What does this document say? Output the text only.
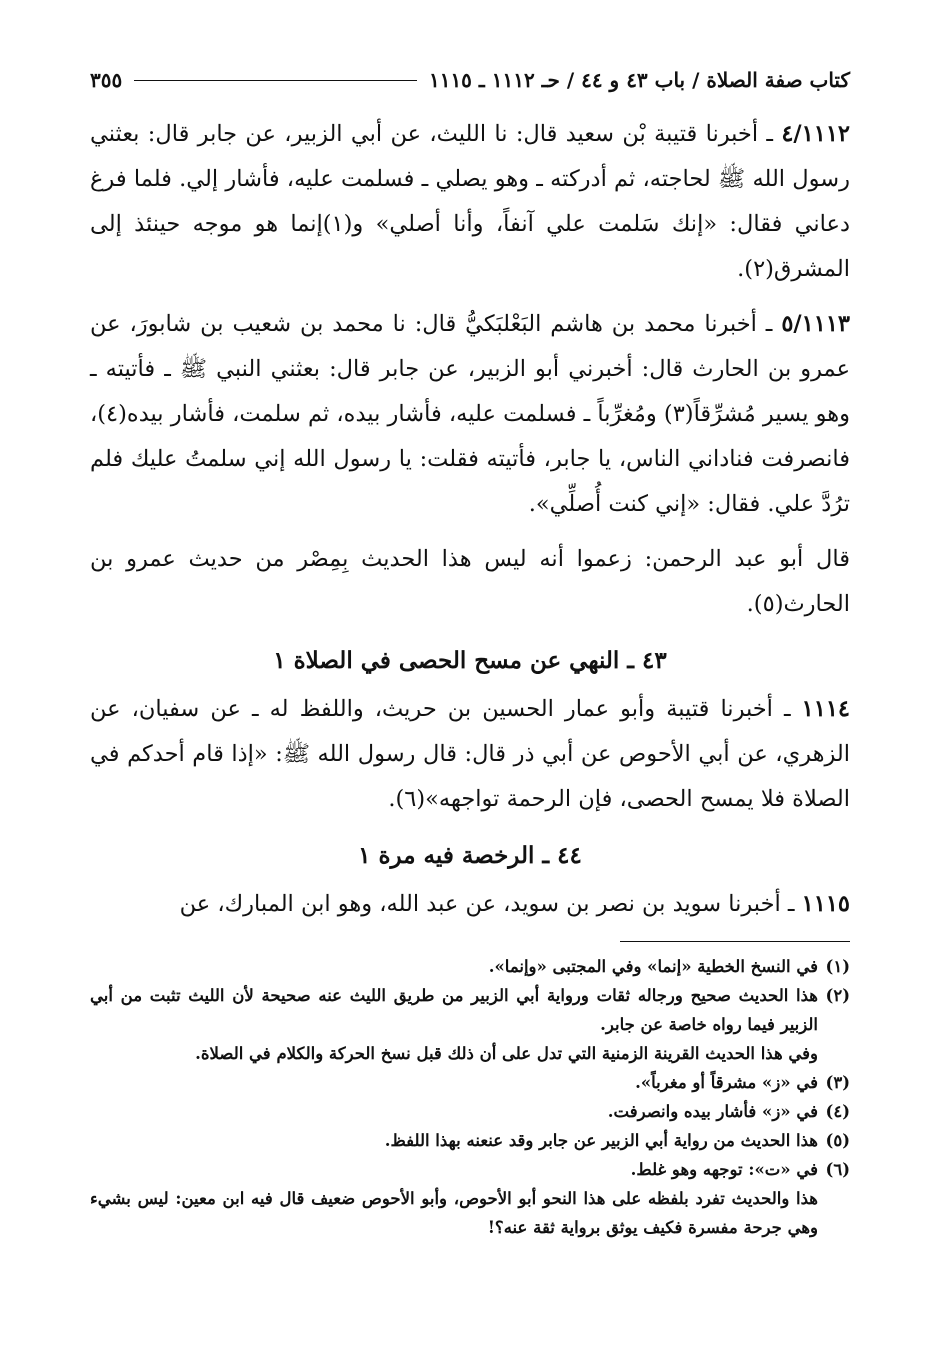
كتاب صفة الصلاة / باب ٤٣ و ٤٤ / حـ ١١١٢ ـ ١١١٥
٣٥٥

٤/١١١٢ ـ أخبرنا قتيبة بْن سعيد قال: نا الليث، عن أبي الزبير، عن جابر قال: بعثني رسول الله ﷺ لحاجته، ثم أدركته ـ وهو يصلي ـ فسلمت عليه، فأشار إلي. فلما فرغ دعاني فقال: «إنك سَلمت علي آنفاً، وأنا أصلي» و(١)إنما هو موجه حينئذ إلى المشرق(٢).

٥/١١١٣ ـ أخبرنا محمد بن هاشم البَعْلبَكيُّ قال: نا محمد بن شعيب بن شابورَ، عن عمرو بن الحارث قال: أخبرني أبو الزبير، عن جابر قال: بعثني النبي ﷺ ـ فأتيته ـ وهو يسير مُشرِّقاً(٣) ومُغرِّباً ـ فسلمت عليه، فأشار بيده، ثم سلمت، فأشار بيده(٤)، فانصرفت فناداني الناس، يا جابر، فأتيته فقلت: يا رسول الله إني سلمتُ عليك فلم ترُدَّ علي. فقال: «إني كنت أُصلِّي».

قال أبو عبد الرحمن: زعموا أنه ليس هذا الحديث بِمِصْر من حديث عمرو بن الحارث(٥).

٤٣ ـ النهي عن مسح الحصى في الصلاة ١

١١١٤ ـ أخبرنا قتيبة وأبو عمار الحسين بن حريث، واللفظ له ـ عن سفيان، عن الزهري، عن أبي الأحوص عن أبي ذر قال: قال رسول الله ﷺ: «إذا قام أحدكم في الصلاة فلا يمسح الحصى، فإن الرحمة تواجهه»(٦).

٤٤ ـ الرخصة فيه مرة ١

١١١٥ ـ أخبرنا سويد بن نصر بن سويد، عن عبد الله، وهو ابن المبارك، عن

(١)
في النسخ الخطية «إنما» وفي المجتبى «وإنما».
(٢)
هذا الحديث صحيح ورجاله ثقات ورواية أبي الزبير من طريق الليث عنه صحيحة لأن الليث تثبت من أبي الزبير فيما رواه خاصة عن جابر.
وفي هذا الحديث القرينة الزمنية التي تدل على أن ذلك قبل نسخ الحركة والكلام في الصلاة.
(٣)
في «ز» مشرقاً أو مغرباً».
(٤)
في «ز» فأشار بيده وانصرفت.
(٥)
هذا الحديث من رواية أبي الزبير عن جابر وقد عنعنه بهذا اللفظ.
(٦)
في «ت»: توجهه وهو غلط.
هذا والحديث تفرد بلفظه على هذا النحو أبو الأحوص، وأبو الأحوص ضعيف قال فيه ابن معين: ليس بشيء وهي جرحة مفسرة فكيف يوثق برواية ثقة عنه؟!
